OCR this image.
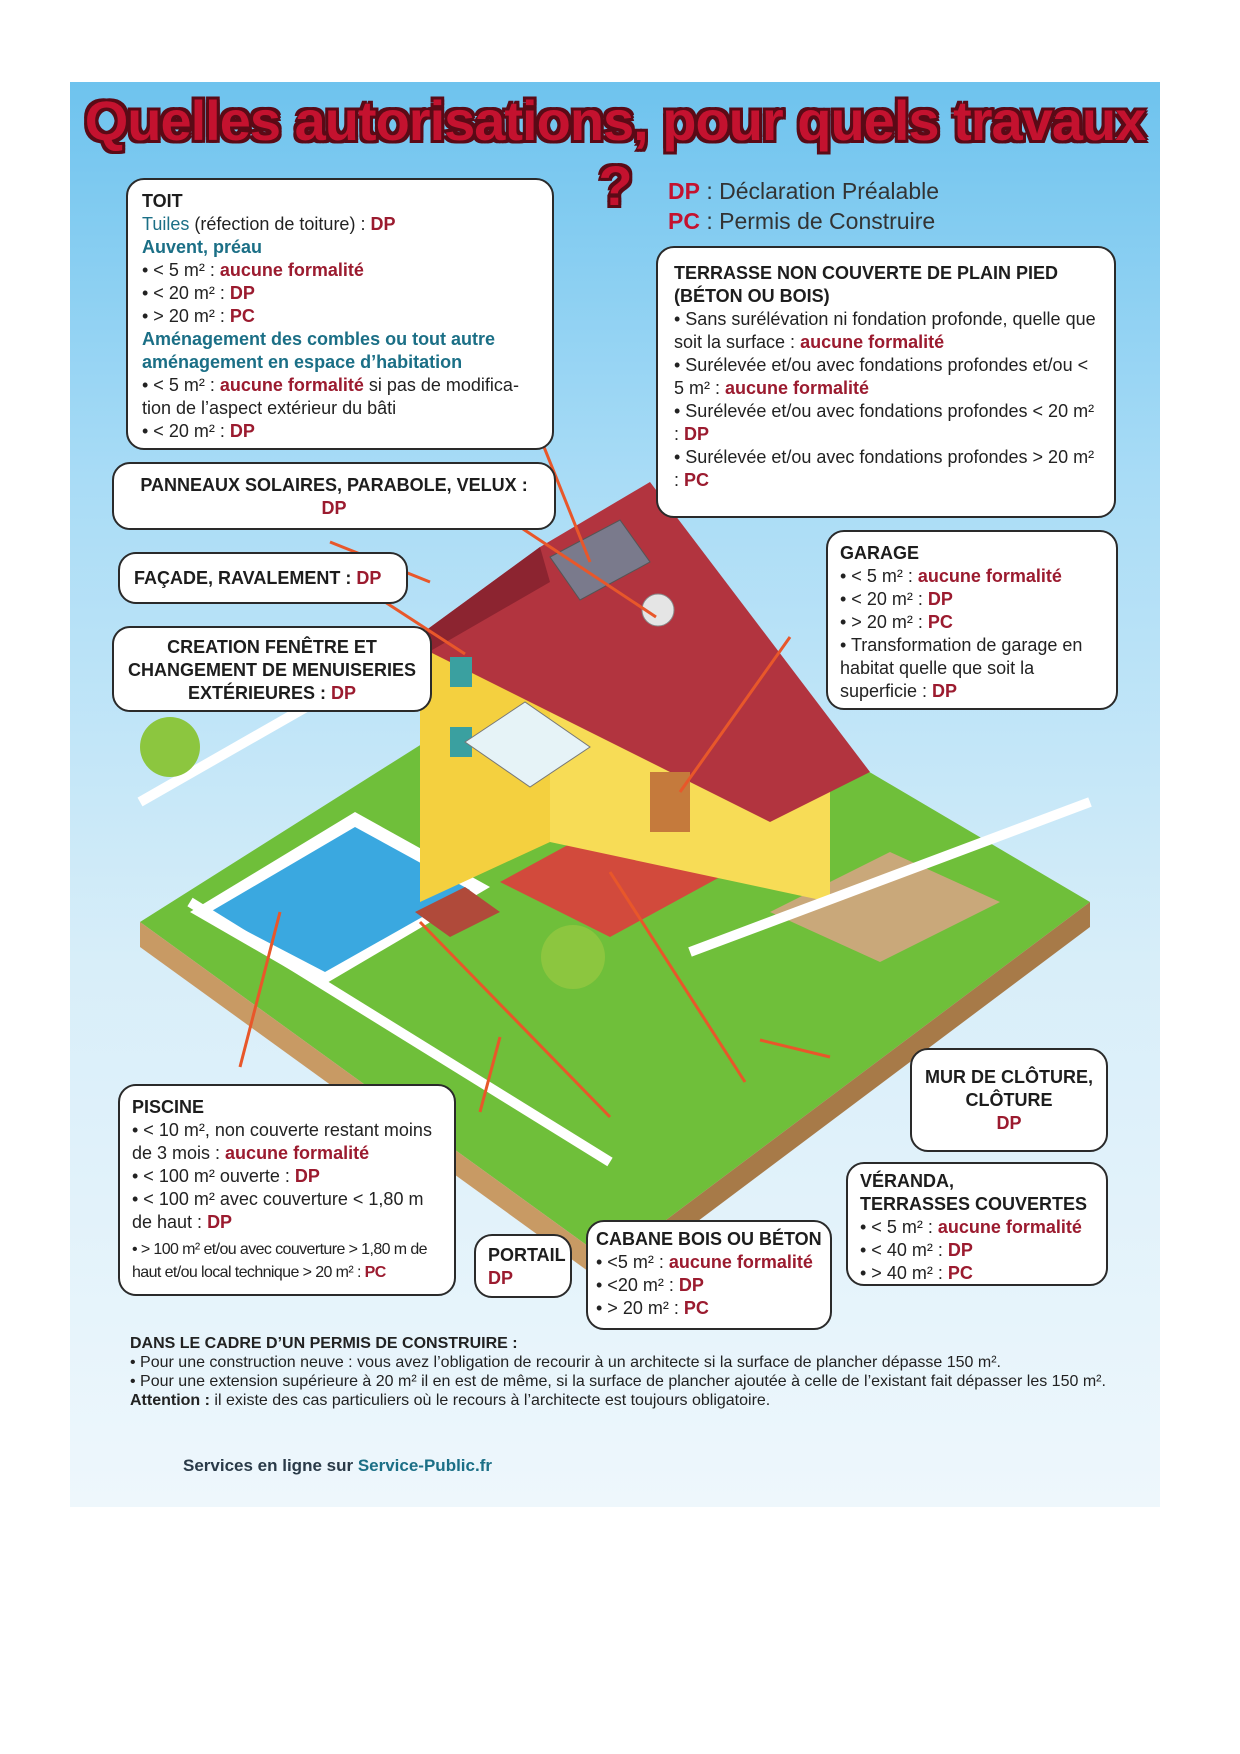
Quelles autorisations, pour quels travaux ?	DP : Déclaration Préalable
PC : Permis de Construire
TOIT
Tuiles (réfection de toiture) : DP
Auvent, préau
• < 5 m² : aucune formalité
• < 20 m² : DP
• > 20 m² : PC
Aménagement des combles ou tout autre aménagement en espace d’habitation
• < 5 m² : aucune formalité si pas de modifica-
tion de l’aspect extérieur du bâti
• < 20 m² : DP
PANNEAUX SOLAIRES, PARABOLE, VELUX :
DP
FAÇADE, RAVALEMENT : DP
CREATION FENÊTRE ET
CHANGEMENT DE MENUISERIES
EXTÉRIEURES : DP
TERRASSE NON COUVERTE DE PLAIN PIED (BÉTON OU BOIS)
• Sans surélévation ni fondation profonde, quelle que soit la surface : aucune formalité
• Surélevée et/ou avec fondations profondes et/ou < 5 m² : aucune formalité
• Surélevée et/ou avec fondations profondes < 20 m² : DP
• Surélevée et/ou avec fondations profondes > 20 m² : PC
GARAGE
• < 5 m² : aucune formalité
• < 20 m² : DP
• > 20 m² : PC
• Transformation de garage en habitat quelle que soit la superficie : DP
MUR DE CLÔTURE,
CLÔTURE
DP
VÉRANDA,
TERRASSES COUVERTES
• < 5 m² : aucune formalité
• < 40 m² : DP
• > 40 m² : PC
PISCINE
• < 10 m², non couverte restant moins de 3 mois : aucune formalité
• < 100 m² ouverte : DP
• < 100 m² avec couverture < 1,80 m de haut : DP
• > 100 m² et/ou avec couverture > 1,80 m de haut et/ou local technique > 20 m² : PC
PORTAIL
DP
CABANE BOIS OU BÉTON
• <5 m² : aucune formalité
• <20 m² : DP
• > 20 m² : PC
DANS LE CADRE D’UN PERMIS DE CONSTRUIRE :
• Pour une construction neuve : vous avez l’obligation de recourir à un architecte si la surface de plancher dépasse 150 m².
• Pour une extension supérieure à 20 m² il en est de même, si la surface de plancher ajoutée à celle de l’existant fait dépasser les 150 m².
Attention : il existe des cas particuliers où le recours à l’architecte est toujours obligatoire.
Services en ligne sur Service-Public.fr
